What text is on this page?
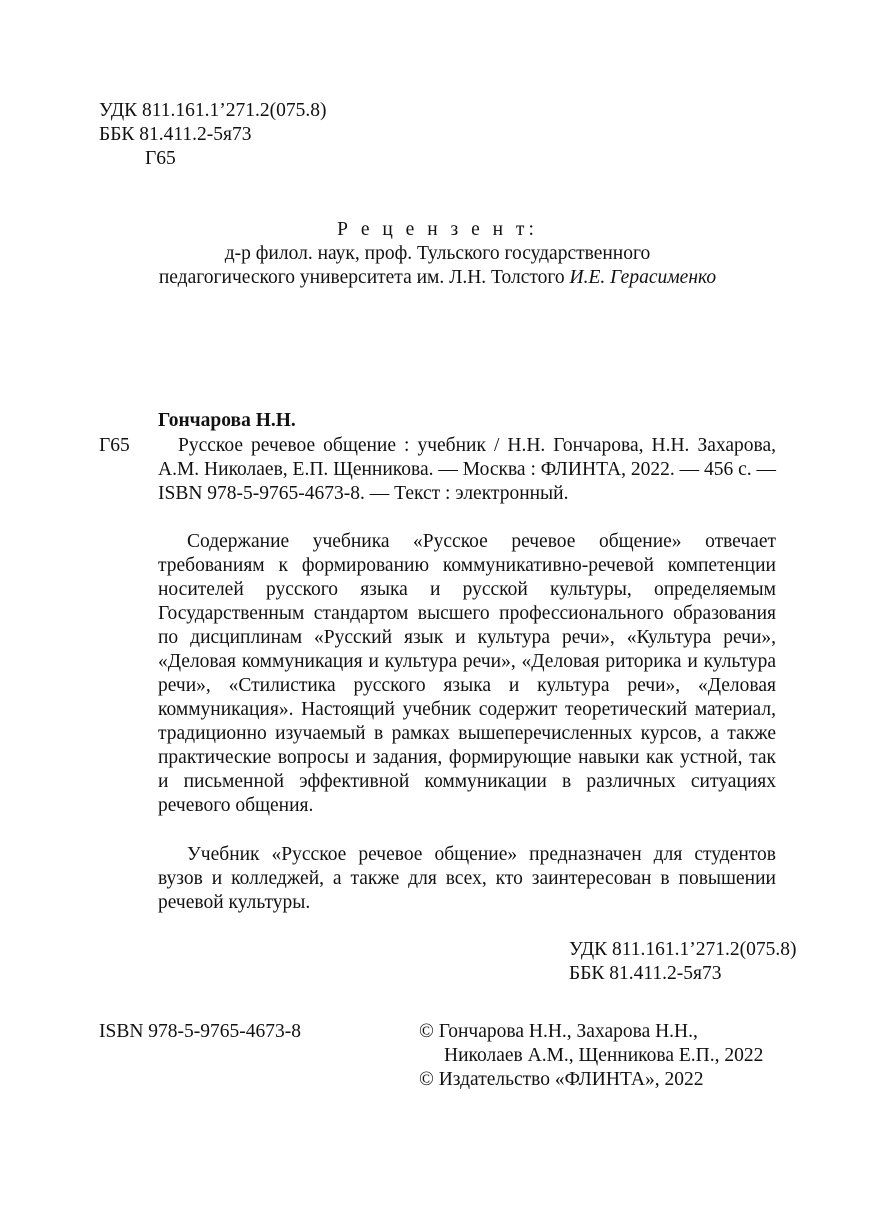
УДК 811.161.1’271.2(075.8)
ББК 81.411.2-5я73
Г65
Р е ц е н з е н т:
д-р филол. наук, проф. Тульского государственного
педагогического университета им. Л.Н. Толстого И.Е. Герасименко
Гончарова Н.Н.
Г65	Русское речевое общение : учебник / Н.Н. Гончарова, Н.Н. Захарова, А.М. Николаев, Е.П. Щенникова. — Москва : ФЛИНТА, 2022. — 456 с. — ISBN 978-5-9765-4673-8. — Текст : электронный.

Содержание учебника «Русское речевое общение» отвечает требованиям к формированию коммуникативно-речевой компетенции носителей русского языка и русской культуры, определяемым Государственным стандартом высшего профессионального образования по дисциплинам «Русский язык и культура речи», «Культура речи», «Деловая коммуникация и культура речи», «Деловая риторика и культура речи», «Стилистика русского языка и культура речи», «Деловая коммуникация». Настоящий учебник содержит теоретический материал, традиционно изучаемый в рамках вышеперечисленных курсов, а также практические вопросы и задания, формирующие навыки как устной, так и письменной эффективной коммуникации в различных ситуациях речевого общения.

Учебник «Русское речевое общение» предназначен для студентов вузов и колледжей, а также для всех, кто заинтересован в повышении речевой культуры.

УДК 811.161.1’271.2(075.8)
ББК 81.411.2-5я73
ISBN 978-5-9765-4673-8	© Гончарова Н.Н., Захарова Н.Н.,
Николаев А.М., Щенникова Е.П., 2022
© Издательство «ФЛИНТА», 2022
